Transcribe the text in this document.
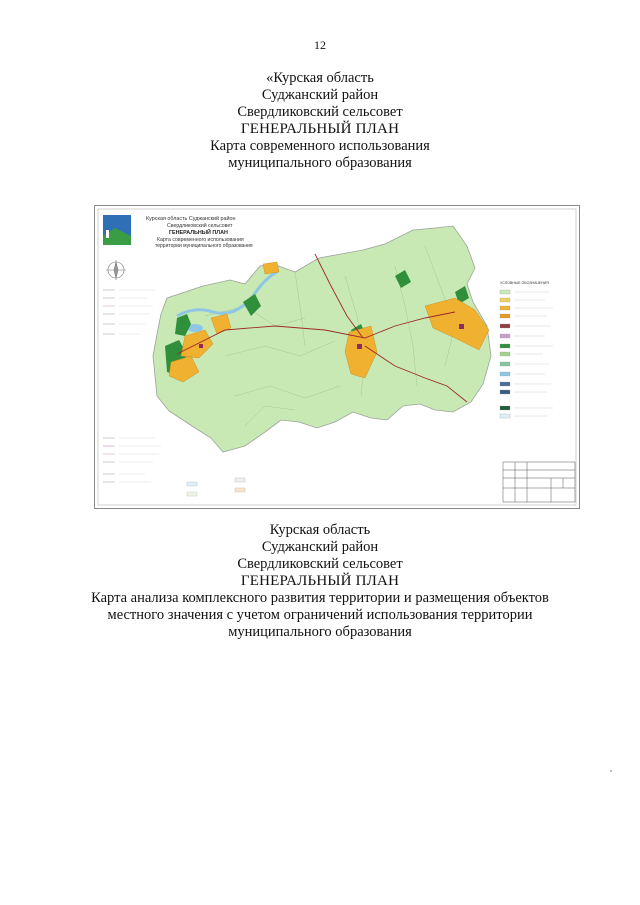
12
«Курская область
Суджанский район
Свердликовский сельсовет
ГЕНЕРАЛЬНЫЙ ПЛАН
Карта современного использования
муниципального образования
Курская область Суджанский район
Свердликовский сельсовет
ГЕНЕРАЛЬНЫЙ ПЛАН
Карта современного использования
территории муниципального образования
УСЛОВНЫЕ ОБОЗНАЧЕНИЯ
Курская область
Суджанский район
Свердликовский сельсовет
ГЕНЕРАЛЬНЫЙ ПЛАН
Карта анализа комплексного развития территории и размещения объектов
местного значения с учетом ограничений использования территории
муниципального образования
